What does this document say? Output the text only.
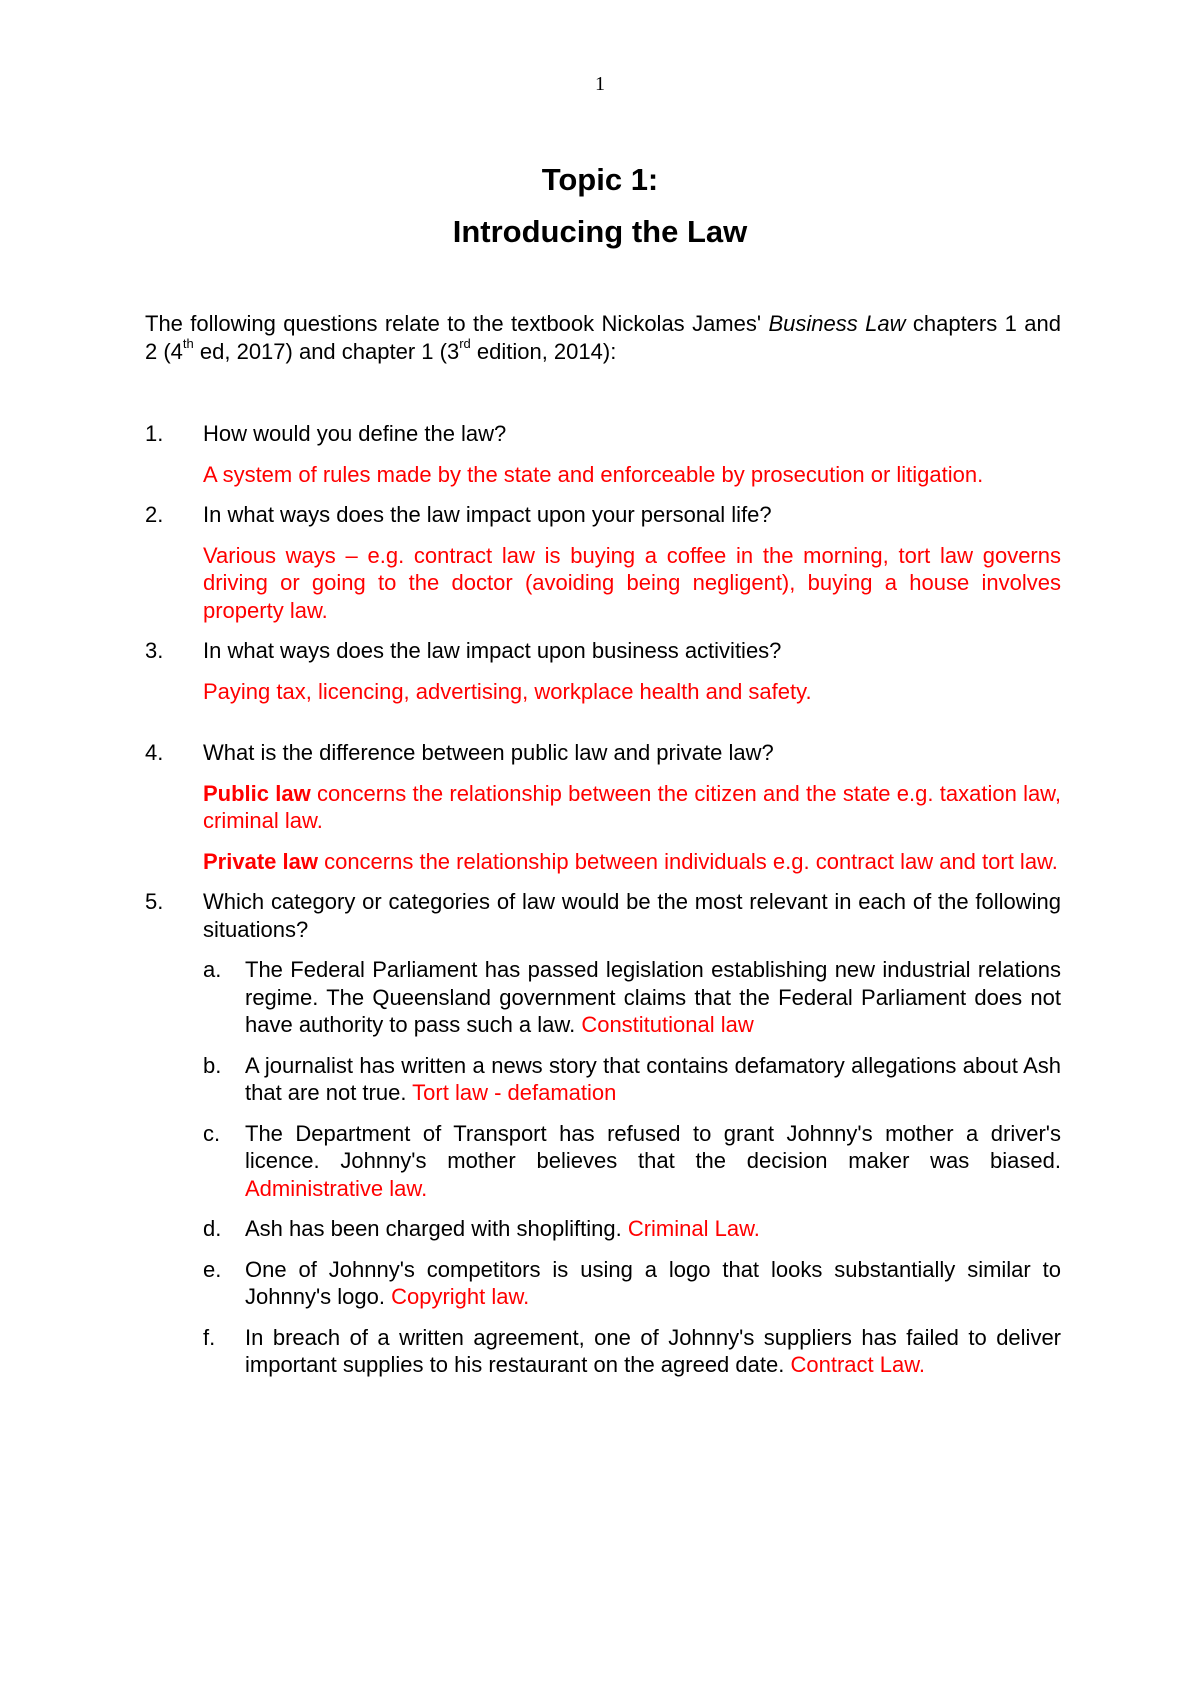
1
Topic 1:
Introducing the Law

The following questions relate to the textbook Nickolas James' Business Law chapters 1 and 2 (4th ed, 2017) and chapter 1 (3rd edition, 2014):

1. How would you define the law?

A system of rules made by the state and enforceable by prosecution or litigation.

2. In what ways does the law impact upon your personal life?

Various ways – e.g. contract law is buying a coffee in the morning, tort law governs driving or going to the doctor (avoiding being negligent), buying a house involves property law.

3. In what ways does the law impact upon business activities?

Paying tax, licencing, advertising, workplace health and safety.

4. What is the difference between public law and private law?

Public law concerns the relationship between the citizen and the state e.g. taxation law, criminal law.

Private law concerns the relationship between individuals e.g. contract law and tort law.

5. Which category or categories of law would be the most relevant in each of the following situations?

a. The Federal Parliament has passed legislation establishing new industrial relations regime. The Queensland government claims that the Federal Parliament does not have authority to pass such a law. Constitutional law
b. A journalist has written a news story that contains defamatory allegations about Ash that are not true. Tort law - defamation
c. The Department of Transport has refused to grant Johnny's mother a driver's licence. Johnny's mother believes that the decision maker was biased. Administrative law.
d. Ash has been charged with shoplifting. Criminal Law.
e. One of Johnny's competitors is using a logo that looks substantially similar to Johnny's logo. Copyright law.
f. In breach of a written agreement, one of Johnny's suppliers has failed to deliver important supplies to his restaurant on the agreed date. Contract Law.
